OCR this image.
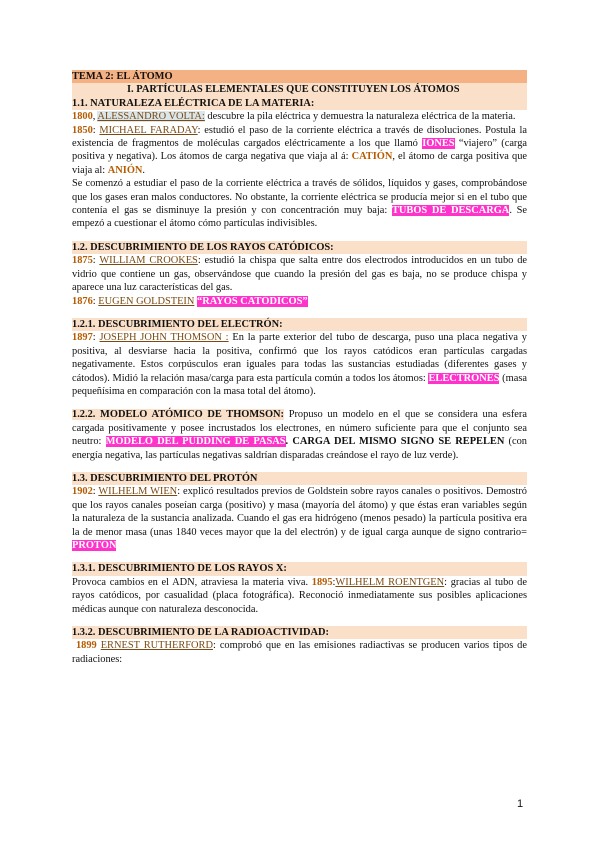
TEMA 2: EL ÁTOMO
I. PARTÍCULAS ELEMENTALES QUE CONSTITUYEN LOS ÁTOMOS
1.1. NATURALEZA ELÉCTRICA DE LA MATERIA:

1800, ALESSANDRO VOLTA: descubre la pila eléctrica y demuestra la naturaleza eléctrica de la materia.

1850: MICHAEL FARADAY: estudió el paso de la corriente eléctrica a través de disoluciones. Postula la existencia de fragmentos de moléculas cargados eléctricamente a los que llamó IONES “viajero” (carga positiva y negativa). Los átomos de carga negativa que viaja al á: CATIÓN, el átomo de carga positiva que viaja al: ANIÓN.

Se comenzó a estudiar el paso de la corriente eléctrica a través de sólidos, líquidos y gases, comprobándose que los gases eran malos conductores. No obstante, la corriente eléctrica se producía mejor si en el tubo que contenía el gas se disminuye la presión y con concentración muy baja: TUBOS DE DESCARGA. Se empezó a cuestionar el átomo cómo partículas indivisibles.

1.2. DESCUBRIMIENTO DE LOS RAYOS CATÓDICOS:

1875: WILLIAM CROOKES: estudió la chispa que salta entre dos electrodos introducidos en un tubo de vidrio que contiene un gas, observándose que cuando la presión del gas es baja, no se produce chispa y aparece una luz características del gas.

1876: EUGEN GOLDSTEIN “RAYOS CATÓDICOS”

1.2.1. DESCUBRIMIENTO DEL ELECTRÓN:

1897: JOSEPH JOHN THOMSON : En la parte exterior del tubo de descarga, puso una placa negativa y positiva, al desviarse hacia la positiva, confirmó que los rayos catódicos eran partículas cargadas negativamente. Estos corpúsculos eran iguales para todas las sustancias estudiadas (diferentes gases y cátodos). Midió la relación masa/carga para esta partícula común a todos los átomos: ELECTRONES (masa pequeñísima en comparación con la masa total del átomo).

1.2.2. MODELO ATÓMICO DE THOMSON: Propuso un modelo en el que se considera una esfera cargada positivamente y posee incrustados los electrones, en número suficiente para que el conjunto sea neutro: MODELO DEL PUDDING DE PASAS. CARGA DEL MISMO SIGNO SE REPELEN (con energía negativa, las partículas negativas saldrían disparadas creándose el rayo de luz verde).

1.3. DESCUBRIMIENTO DEL PROTÓN

1902: WILHELM WIEN: explicó resultados previos de Goldstein sobre rayos canales o positivos. Demostró que los rayos canales poseían carga (positivo) y masa (mayoría del átomo) y que éstas eran variables según la naturaleza de la sustancia analizada. Cuando el gas era hidrógeno (menos pesado) la partícula positiva era la de menor masa (unas 1840 veces mayor que la del electrón) y de igual carga aunque de signo contrario= PROTÓN

1.3.1. DESCUBRIMIENTO DE LOS RAYOS X:

Provoca cambios en el ADN, atraviesa la materia viva. 1895:WILHELM ROENTGEN: gracias al tubo de rayos catódicos, por casualidad (placa fotográfica). Reconoció inmediatamente sus posibles aplicaciones médicas aunque con naturaleza desconocida.

1.3.2. DESCUBRIMIENTO DE LA RADIOACTIVIDAD:

1899 ERNEST RUTHERFORD: comprobó que en las emisiones radiactivas se producen varios tipos de radiaciones:

1
